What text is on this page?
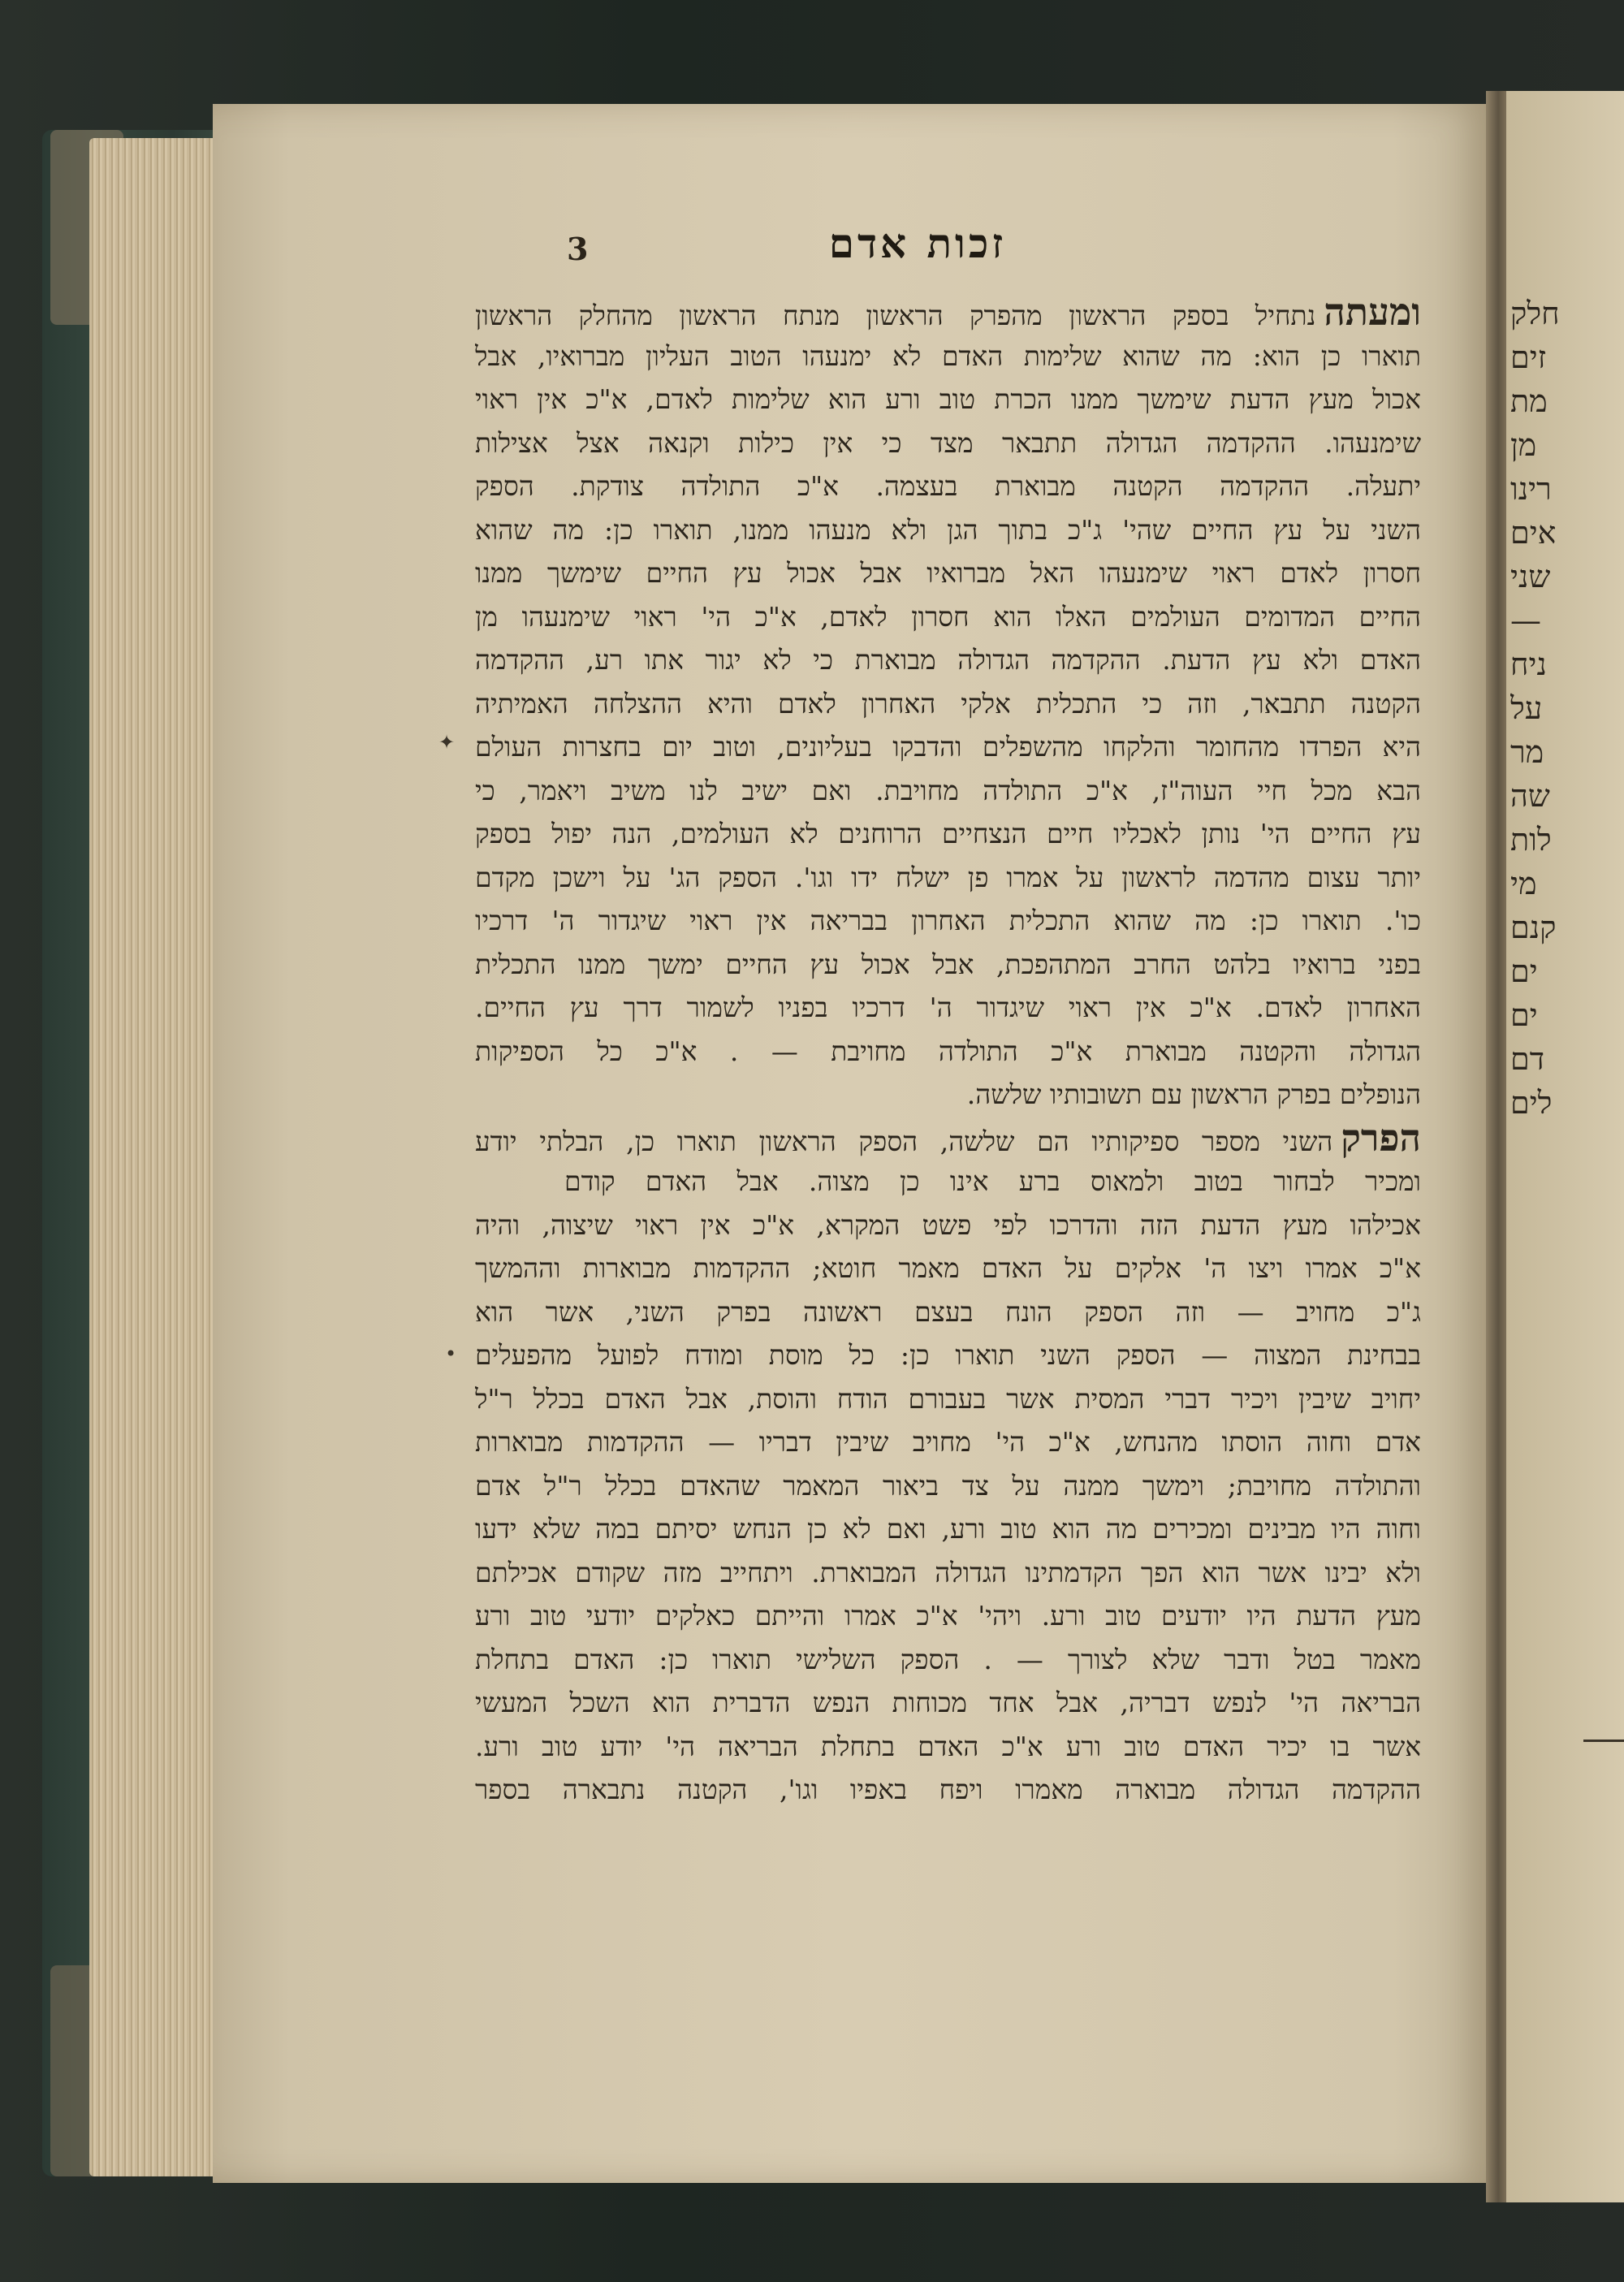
חלק
זים
מת
מן
רינו
אים
שני
—
ניח
על
מר
שה
לות
מי
קנם
ים
ים
דם
לים
3	זכות אדם
ומעתהנתחיל בספק הראשון מהפרק הראשון מנתח הראשון מהחלק הראשון
תוארו כן הוא: מה שהוא שלימות האדם לא ימנעהו הטוב העליון מברואיו, אבל
אכול מעץ הדעת שימשך ממנו הכרת טוב ורע הוא שלימות לאדם, א"כ אין ראוי
שימנעהו. ההקדמה הגדולה תתבאר מצד כי אין כילות וקנאה אצל אצילות
יתעלה. ההקדמה הקטנה מבוארת בעצמה. א"כ התולדה צודקת. הספק
השני על עץ החיים שהי' ג"כ בתוך הגן ולא מנעהו ממנו, תוארו כן: מה שהוא
חסרון לאדם ראוי שימנעהו האל מברואיו אבל אכול עץ החיים שימשך ממנו
החיים המדומים העולמים האלו הוא חסרון לאדם, א"כ הי' ראוי שימנעהו מן
האדם ולא עץ הדעת. ההקדמה הגדולה מבוארת כי לא יגור אתו רע, ההקדמה
הקטנה תתבאר, וזה כי התכלית אלקי האחרון לאדם והיא ההצלחה האמיתיה
היא הפרדו מהחומר והלקחו מהשפלים והדבקו בעליונים, וטוב יום בחצרות העולם
הבא מכל חיי העוה"ז, א"כ התולדה מחויבת. ואם ישיב לנו משיב ויאמר, כי
עץ החיים הי' נותן לאכליו חיים הנצחיים הרוחנים לא העולמים, הנה יפול בספק
יותר עצום מהדמה לראשון על אמרו פן ישלח ידו וגו'. הספק הג' על וישכן מקדם
כו'. תוארו כן: מה שהוא התכלית האחרון בבריאה אין ראוי שיגדור ה' דרכיו
בפני ברואיו בלהט החרב המתהפכת, אבל אכול עץ החיים ימשך ממנו התכלית
האחרון לאדם. א"כ אין ראוי שיגדור ה' דרכיו בפניו לשמור דרך עץ החיים.
הגדולה והקטנה מבוארת א"כ התולדה מחויבת — . א"כ כל הספיקות
הנופלים בפרק הראשון עם תשובותיו שלשה.
הפרקהשני מספר ספיקותיו הם שלשה, הספק הראשון תוארו כן, הבלתי יודע
ומכיר לבחור בטוב ולמאוס ברע אינו כן מצוה. אבל האדם קודם
אכילהו מעץ הדעת הזה והדרכו לפי פשט המקרא, א"כ אין ראוי שיצוה, והיה
א"כ אמרו ויצו ה' אלקים על האדם מאמר חוטא; ההקדמות מבוארות וההמשך
ג"כ מחויב — וזה הספק הונח בעצם ראשונה בפרק השני, אשר הוא
בבחינת המצוה — הספק השני תוארו כן: כל מוסת ומודח לפועל מהפעלים
יחויב שיבין ויכיר דברי המסית אשר בעבורם הודח והוסת, אבל האדם בכלל ר"ל
אדם וחוה הוסתו מהנחש, א"כ הי' מחויב שיבין דבריו — ההקדמות מבוארות
והתולדה מחויבת; וימשך ממנה על צד ביאור המאמר שהאדם בכלל ר"ל אדם
וחוה היו מבינים ומכירים מה הוא טוב ורע, ואם לא כן הנחש יסיתם במה שלא ידעו
ולא יבינו אשר הוא הפך הקדמתינו הגדולה המבוארת. ויתחייב מזה שקודם אכילתם
מעץ הדעת היו יודעים טוב ורע. ויהי' א"כ אמרו והייתם כאלקים יודעי טוב ורע
מאמר בטל ודבר שלא לצורך — . הספק השלישי תוארו כן: האדם בתחלת
הבריאה הי' לנפש דבריה, אבל אחד מכוחות הנפש הדברית הוא השכל המעשי
אשר בו יכיר האדם טוב ורע א"כ האדם בתחלת הבריאה הי' יודע טוב ורע.
ההקדמה הגדולה מבוארה מאמרו ויפח באפיו וגו', הקטנה נתבארה בספר
✦
•
